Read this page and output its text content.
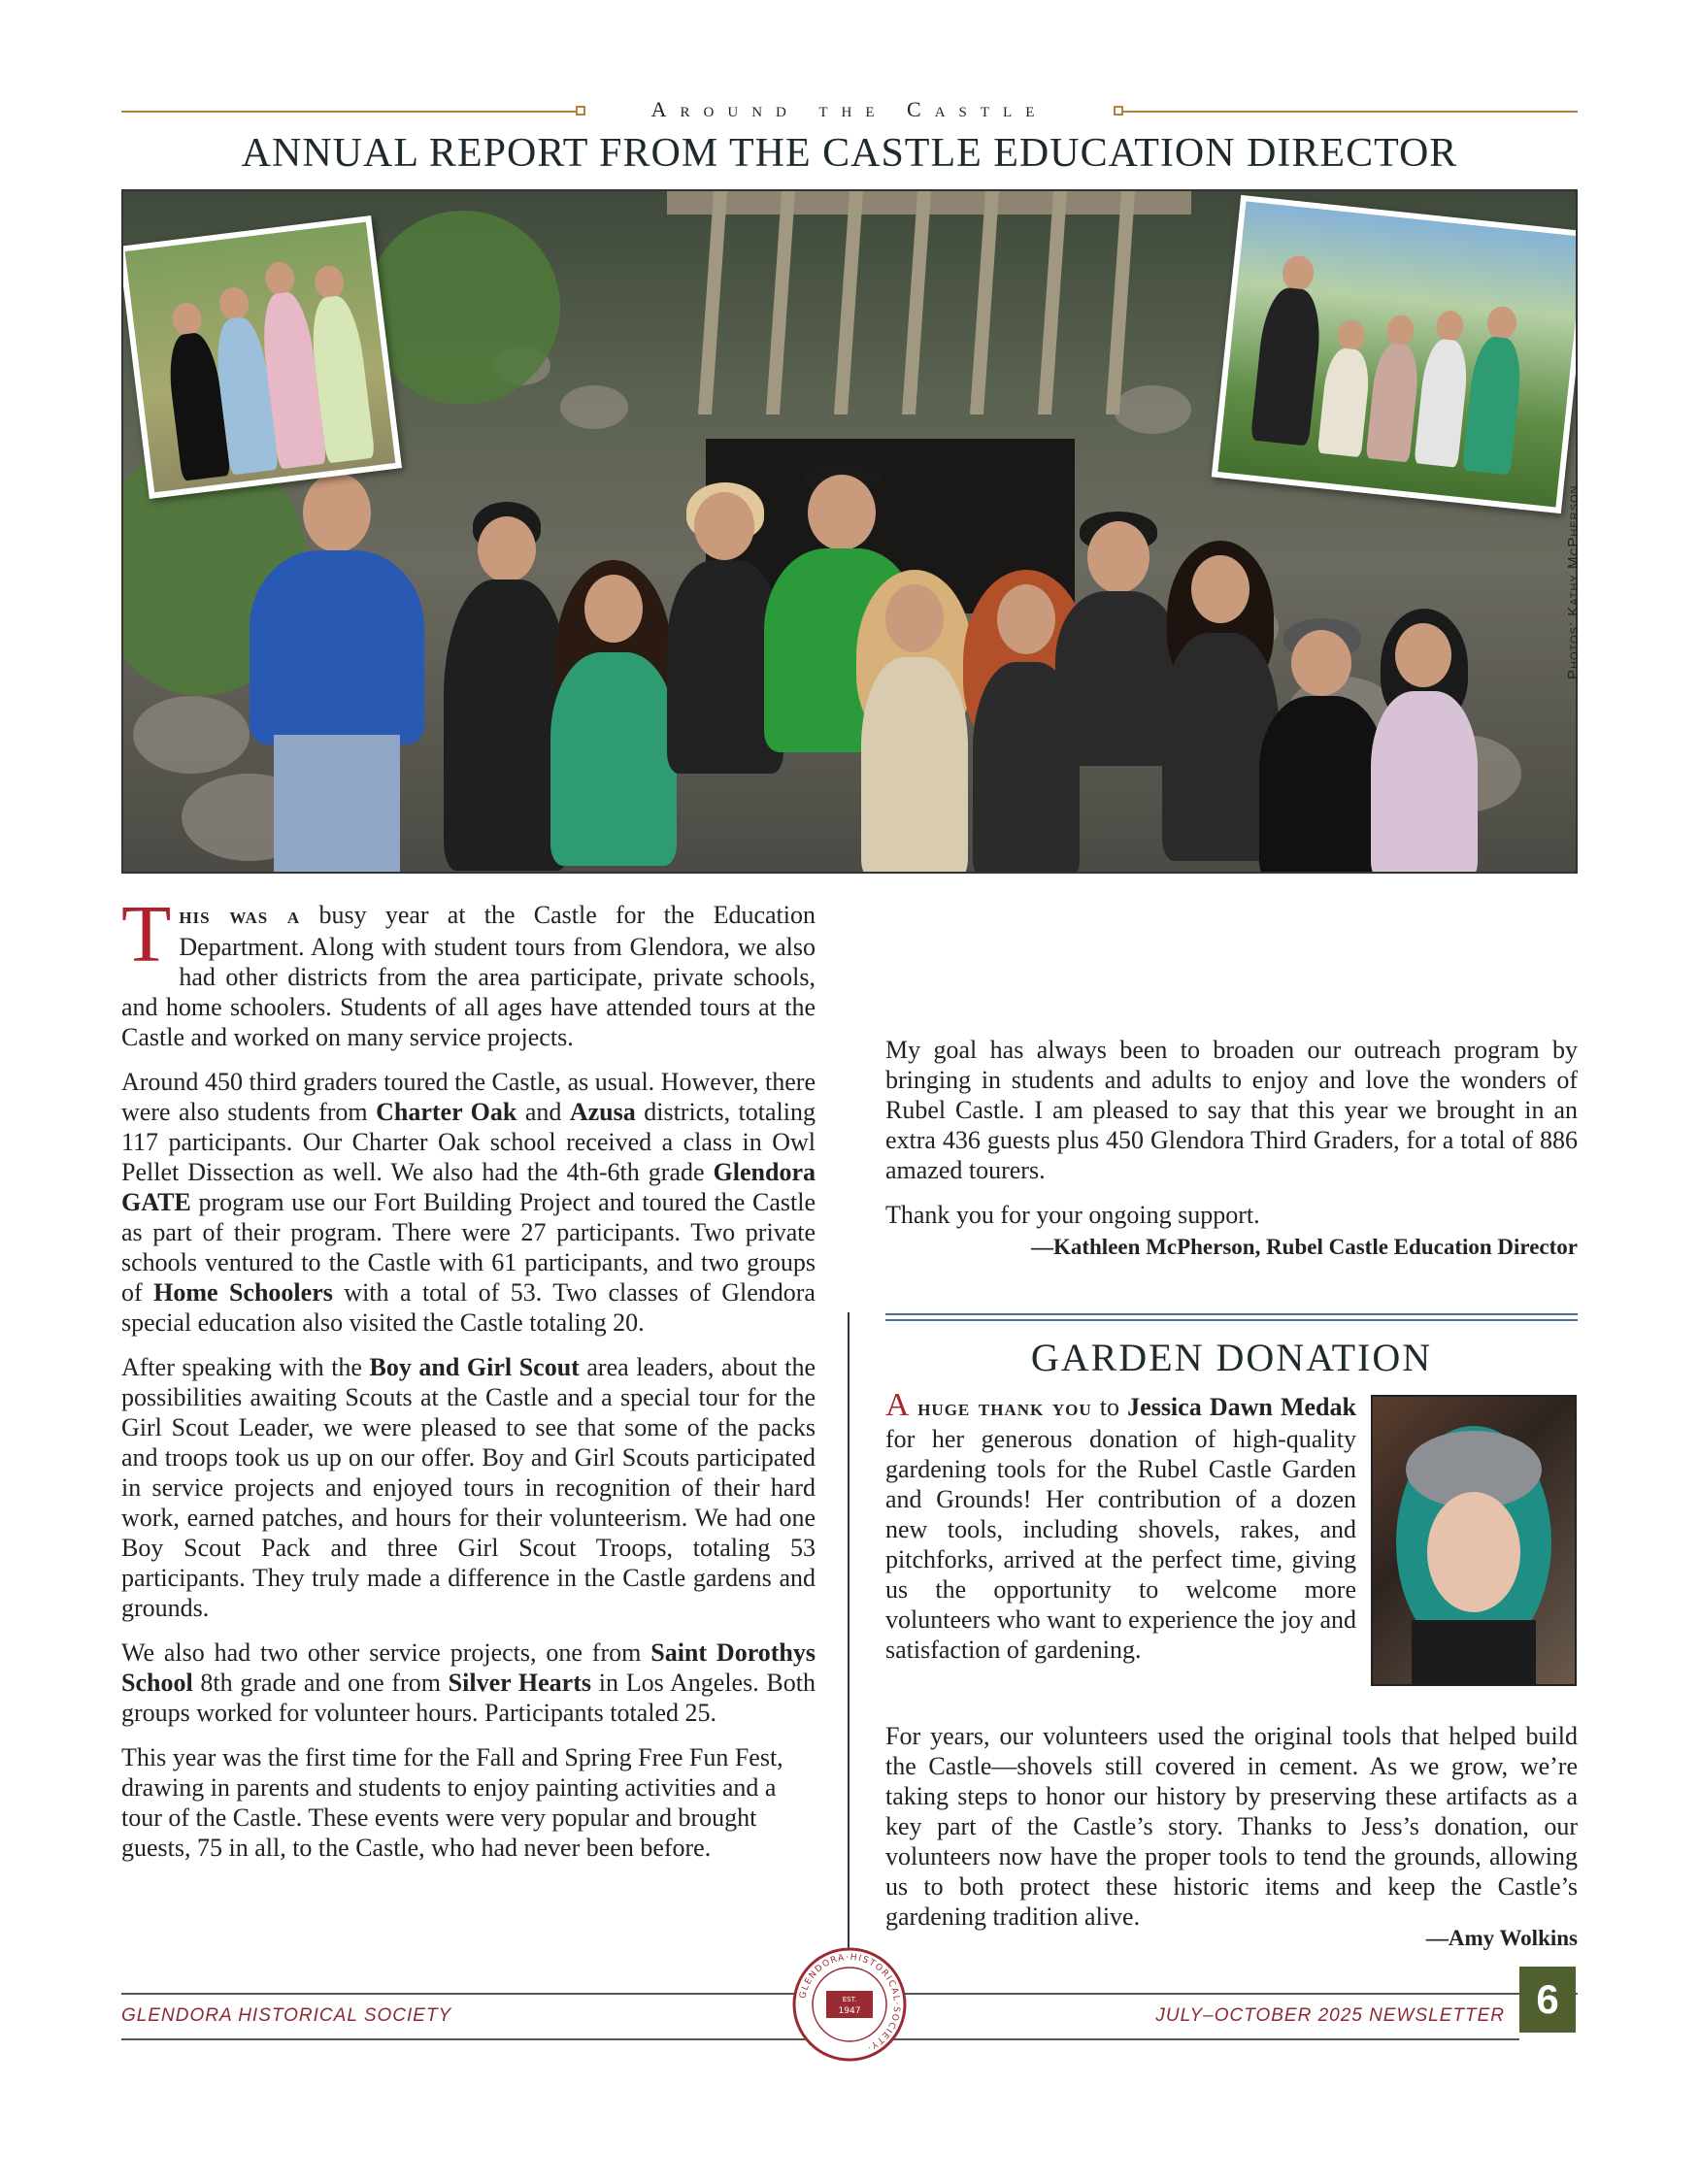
Around the Castle
ANNUAL REPORT FROM THE CASTLE EDUCATION DIRECTOR
Photos: Kathy McPherson

This was a busy year at the Castle for the Education Department. Along with student tours from Glendora, we also had other districts from the area participate, private schools, and home schoolers. Students of all ages have attended tours at the Castle and worked on many service projects.

Around 450 third graders toured the Castle, as usual. However, there were also students from Charter Oak and Azusa districts, totaling 117 participants. Our Charter Oak school received a class in Owl Pellet Dissection as well. We also had the 4th-6th grade Glendora GATE program use our Fort Building Project and toured the Castle as part of their program. There were 27 participants. Two private schools ventured to the Castle with 61 participants, and two groups of Home Schoolers with a total of 53. Two classes of Glendora special education also visited the Castle totaling 20.

After speaking with the Boy and Girl Scout area leaders, about the possibilities awaiting Scouts at the Castle and a special tour for the Girl Scout Leader, we were pleased to see that some of the packs and troops took us up on our offer. Boy and Girl Scouts participated in service projects and enjoyed tours in recognition of their hard work, earned patches, and hours for their volunteerism. We had one Boy Scout Pack and three Girl Scout Troops, totaling 53 participants. They truly made a difference in the Castle gardens and grounds.

We also had two other service projects, one from Saint Dorothys School 8th grade and one from Silver Hearts in Los Angeles. Both groups worked for volunteer hours. Participants totaled 25.

This year was the first time for the Fall and Spring Free Fun Fest, drawing in parents and students to enjoy painting activities and a tour of the Castle. These events were very popular and brought guests, 75 in all, to the Castle, who had never been before.

My goal has always been to broaden our outreach program by bringing in students and adults to enjoy and love the wonders of Rubel Castle. I am pleased to say that this year we brought in an extra 436 guests plus 450 Glendora Third Graders, for a total of 886 amazed tourers.

Thank you for your ongoing support.

—Kathleen McPherson, Rubel Castle Education Director
GARDEN DONATION
A huge thank you to Jessica Dawn Medak for her generous donation of high-quality gardening tools for the Rubel Castle Garden and Grounds! Her contribution of a dozen new tools, including shovels, rakes, and pitchforks, arrived at the perfect time, giving us the opportunity to welcome more volunteers who want to experience the joy and satisfaction of gardening.
For years, our volunteers used the original tools that helped build the Castle—shovels still covered in cement. As we grow, we’re taking steps to honor our history by preserving these artifacts as a key part of the Castle’s story. Thanks to Jess’s donation, our volunteers now have the proper tools to tend the grounds, allowing us to both protect these historic items and keep the Castle’s gardening tradition alive.
—Amy Wolkins
GLENDORA HISTORICAL SOCIETY	JULY–OCTOBER 2025 NEWSLETTER 6
GLENDORA·HISTORICAL·SOCIETY·
EST.
1947
